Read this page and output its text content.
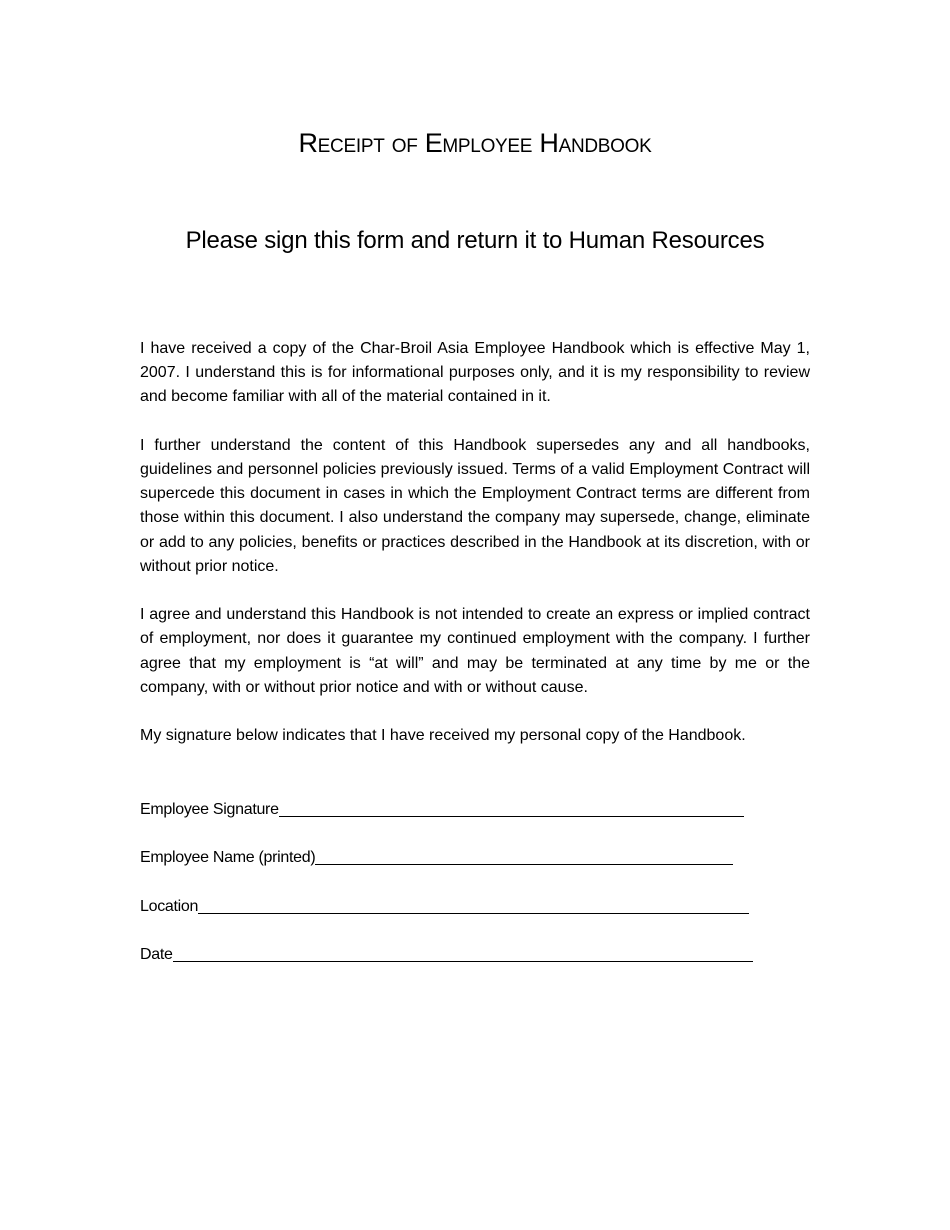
Receipt of Employee Handbook
Please sign this form and return it to Human Resources

I have received a copy of the Char-Broil Asia Employee Handbook which is effective May 1, 2007. I understand this is for informational purposes only, and it is my responsibility to review and become familiar with all of the material contained in it.

I further understand the content of this Handbook supersedes any and all handbooks, guidelines and personnel policies previously issued. Terms of a valid Employment Contract will supercede this document in cases in which the Employment Contract terms are different from those within this document. I also understand the company may supersede, change, eliminate or add to any policies, benefits or practices described in the Handbook at its discretion, with or without prior notice.

I agree and understand this Handbook is not intended to create an express or implied contract of employment, nor does it guarantee my continued employment with the company. I further agree that my employment is “at will” and may be terminated at any time by me or the company, with or without prior notice and with or without cause.

My signature below indicates that I have received my personal copy of the Handbook.

Employee Signature
Employee Name (printed)
Location
Date
